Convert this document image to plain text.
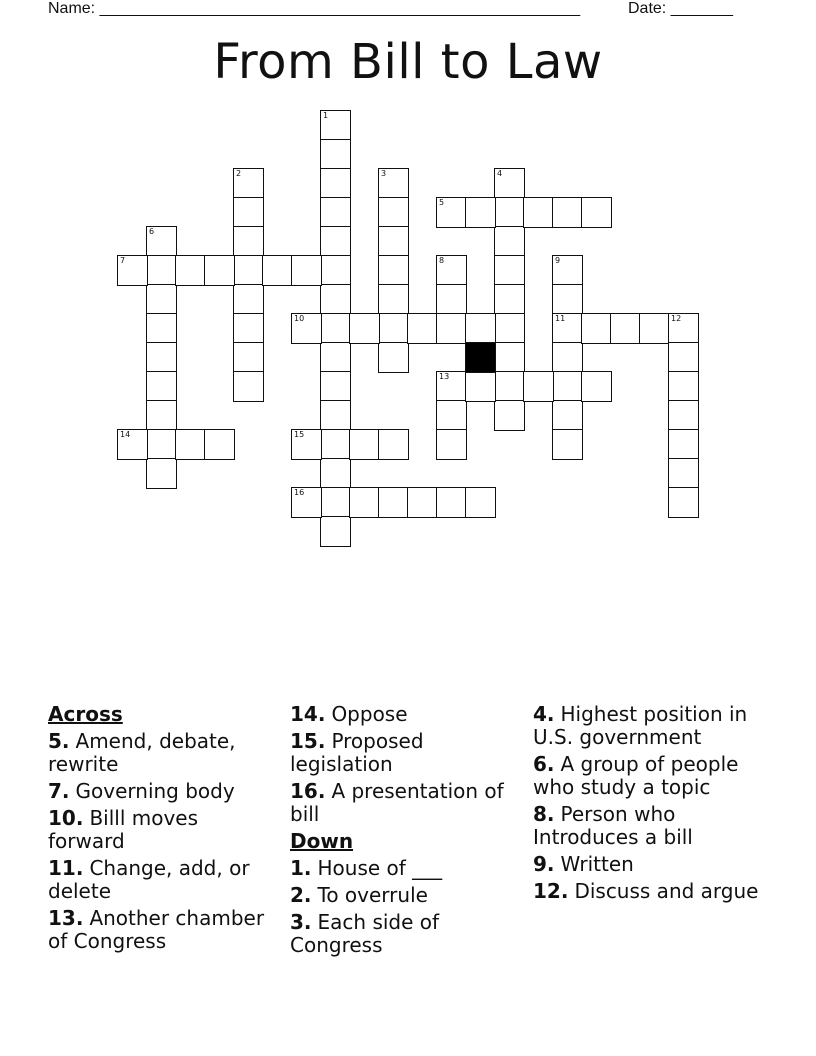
Name: ______________________________________________________	Date: _______
From Bill to Law
1
2	3	4
5
6
7	8
13
9
11
10	12
14	15
16
Across
5. Amend, debate, rewrite
7. Governing body
10. Billl moves forward
11. Change, add, or delete
13. Another chamber of Congress
14. Oppose
15. Proposed legislation
16. A presentation of bill
Down
1. House of ___
2. To overrule
3. Each side of Congress
4. Highest position in U.S. government
6. A group of people who study a topic
8. Person who Introduces a bill
9. Written
12. Discuss and argue
